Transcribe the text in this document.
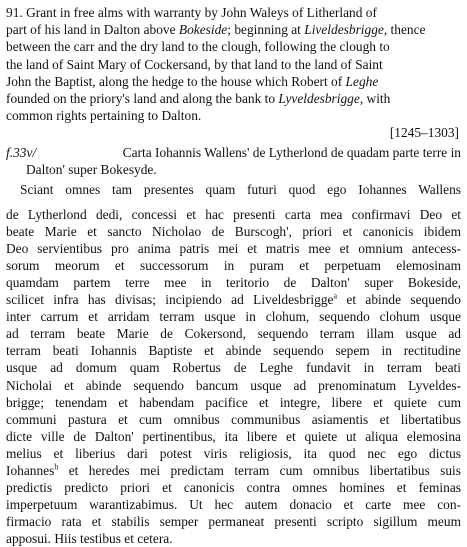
91. Grant in free alms with warranty by John Waleys of Litherland of

part of his land in Dalton above Bokeside; beginning at Liveldesbrigge, thence

between the carr and the dry land to the clough, following the clough to

the land of Saint Mary of Cockersand, by that land to the land of Saint

John the Baptist, along the hedge to the house which Robert of Leghe

founded on the priory's land and along the bank to Lyveldesbrigge, with

common rights pertaining to Dalton.

[1245–1303]
f.33v/	Carta Iohannis Wallens' de Lytherlond de quadam parte terre in
Dalton' super Bokesyde.
Sciant omnes tam presentes quam futuri quod ego Iohannes Wallens
de Lytherlond dedi, concessi et hac presenti carta mea confirmavi Deo et
beate Marie et sancto Nicholao de Burscogh', priori et canonicis ibidem
Deo servientibus pro anima patris mei et matris mee et omnium antecess-
sorum meorum et successorum in puram et perpetuam elemosinam
quamdam partem terre mee in teritorio de Dalton' super Bokeside,
scilicet infra has divisas; incipiendo ad Liveldesbrigge$^a$ et abinde sequendo
inter carrum et arridam terram usque in clohum, sequendo clohum usque
ad terram beate Marie de Cokersond, sequendo terram illam usque ad
terram beati Iohannis Baptiste et abinde sequendo sepem in rectitudine
usque ad domum quam Robertus de Leghe fundavit in terram beati
Nicholai et abinde sequendo bancum usque ad prenominatum Lyveldes-
brigge; tenendam et habendam pacifice et integre, libere et quiete cum
communi pastura et cum omnibus communibus asiamentis et libertatibus
dicte ville de Dalton' pertinentibus, ita libere et quiete ut aliqua elemosina
melius et liberius dari potest viris religiosis, ita quod nec ego dictus
Iohannes$^b$ et heredes mei predictam terram cum omnibus libertatibus suis
predictis predicto priori et canonicis contra omnes homines et feminas
imperpetuum warantizabimus. Ut hec autem donacio et carte mee con-
firmacio rata et stabilis semper permaneat presenti scripto sigillum meum
apposui. Hiis testibus et cetera.
